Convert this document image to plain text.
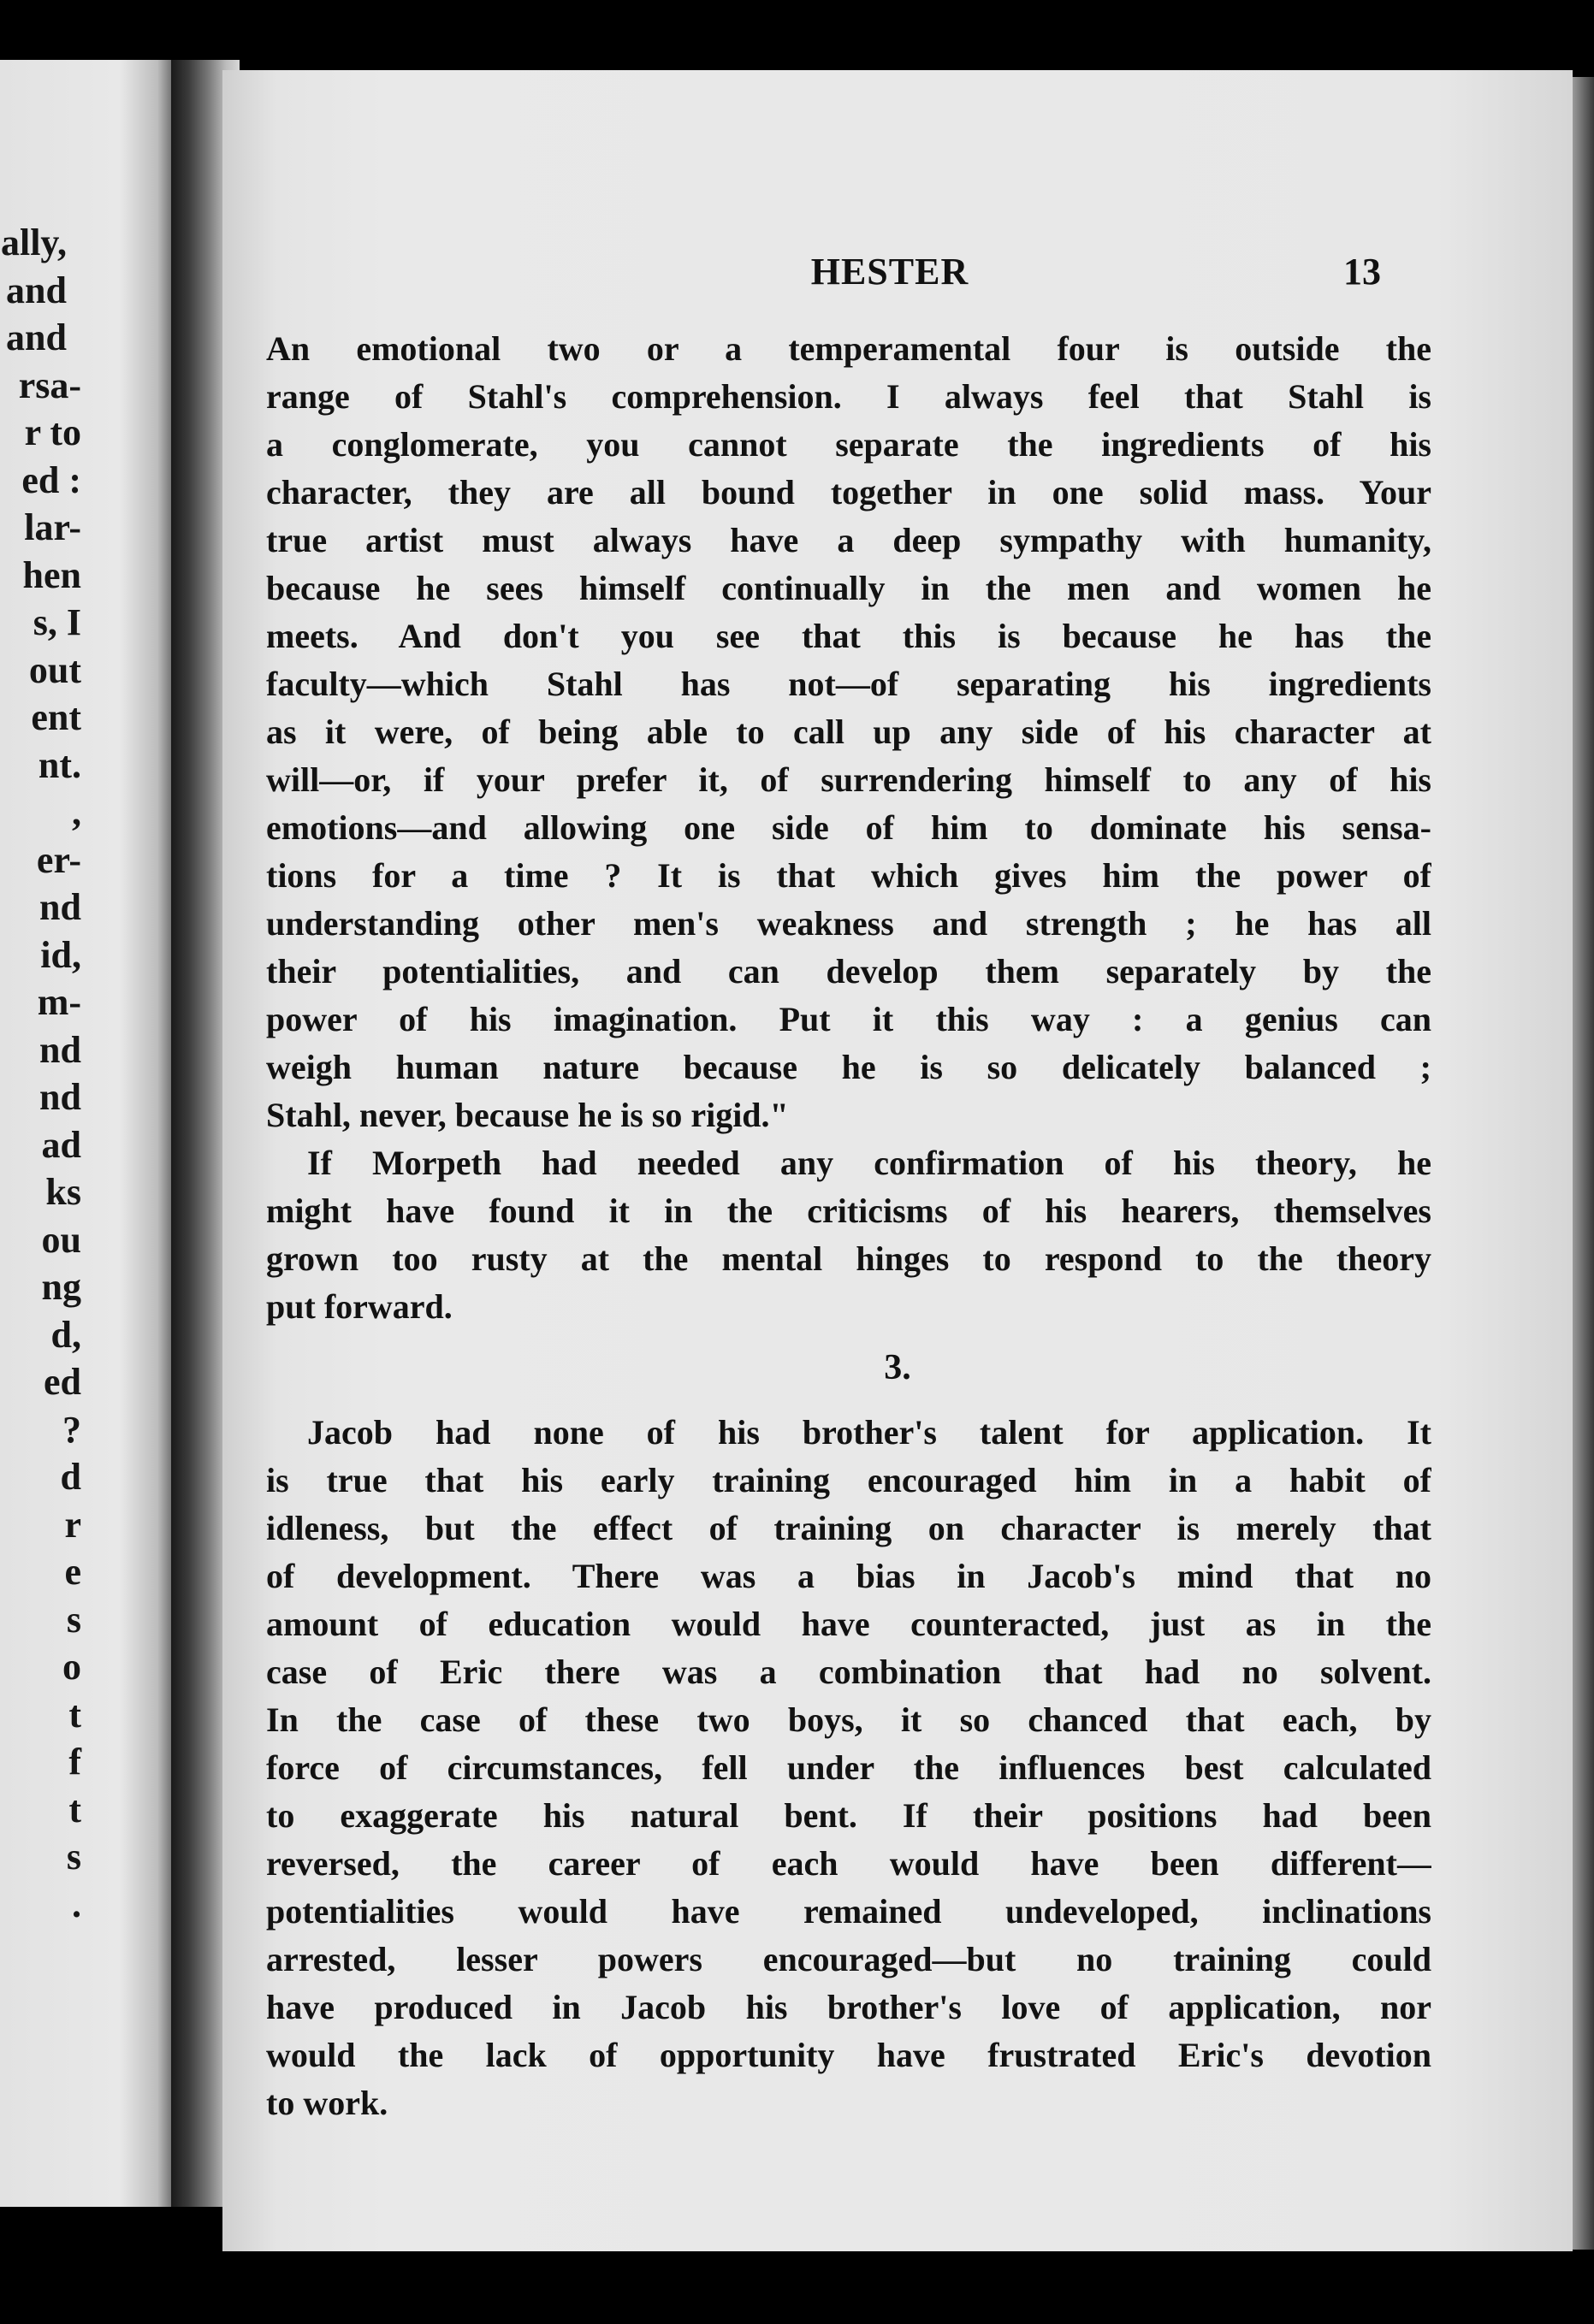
ally,
and
and
rsa-
r to
ed :
lar-
hen
s, I
out
ent
nt.
,
er-
nd
id,
m-
nd
nd
ad
ks
ou
ng
d,
ed
?
d
r
e
s
o
t
f
t
s
.
HESTER	13
An emotional two or a temperamental four is outside the
range of Stahl's comprehension. I always feel that Stahl is
a conglomerate, you cannot separate the ingredients of his
character, they are all bound together in one solid mass. Your
true artist must always have a deep sympathy with humanity,
because he sees himself continually in the men and women he
meets. And don't you see that this is because he has the
faculty—which Stahl has not—of separating his ingredients
as it were, of being able to call up any side of his character at
will—or, if your prefer it, of surrendering himself to any of his
emotions—and allowing one side of him to dominate his sensa-
tions for a time ? It is that which gives him the power of
understanding other men's weakness and strength ; he has all
their potentialities, and can develop them separately by the
power of his imagination. Put it this way : a genius can
weigh human nature because he is so delicately balanced ;
Stahl, never, because he is so rigid."
If Morpeth had needed any confirmation of his theory, he
might have found it in the criticisms of his hearers, themselves
grown too rusty at the mental hinges to respond to the theory
put forward.
3.
Jacob had none of his brother's talent for application. It
is true that his early training encouraged him in a habit of
idleness, but the effect of training on character is merely that
of development. There was a bias in Jacob's mind that no
amount of education would have counteracted, just as in the
case of Eric there was a combination that had no solvent.
In the case of these two boys, it so chanced that each, by
force of circumstances, fell under the influences best calculated
to exaggerate his natural bent. If their positions had been
reversed, the career of each would have been different—
potentialities would have remained undeveloped, inclinations
arrested, lesser powers encouraged—but no training could
have produced in Jacob his brother's love of application, nor
would the lack of opportunity have frustrated Eric's devotion
to work.
